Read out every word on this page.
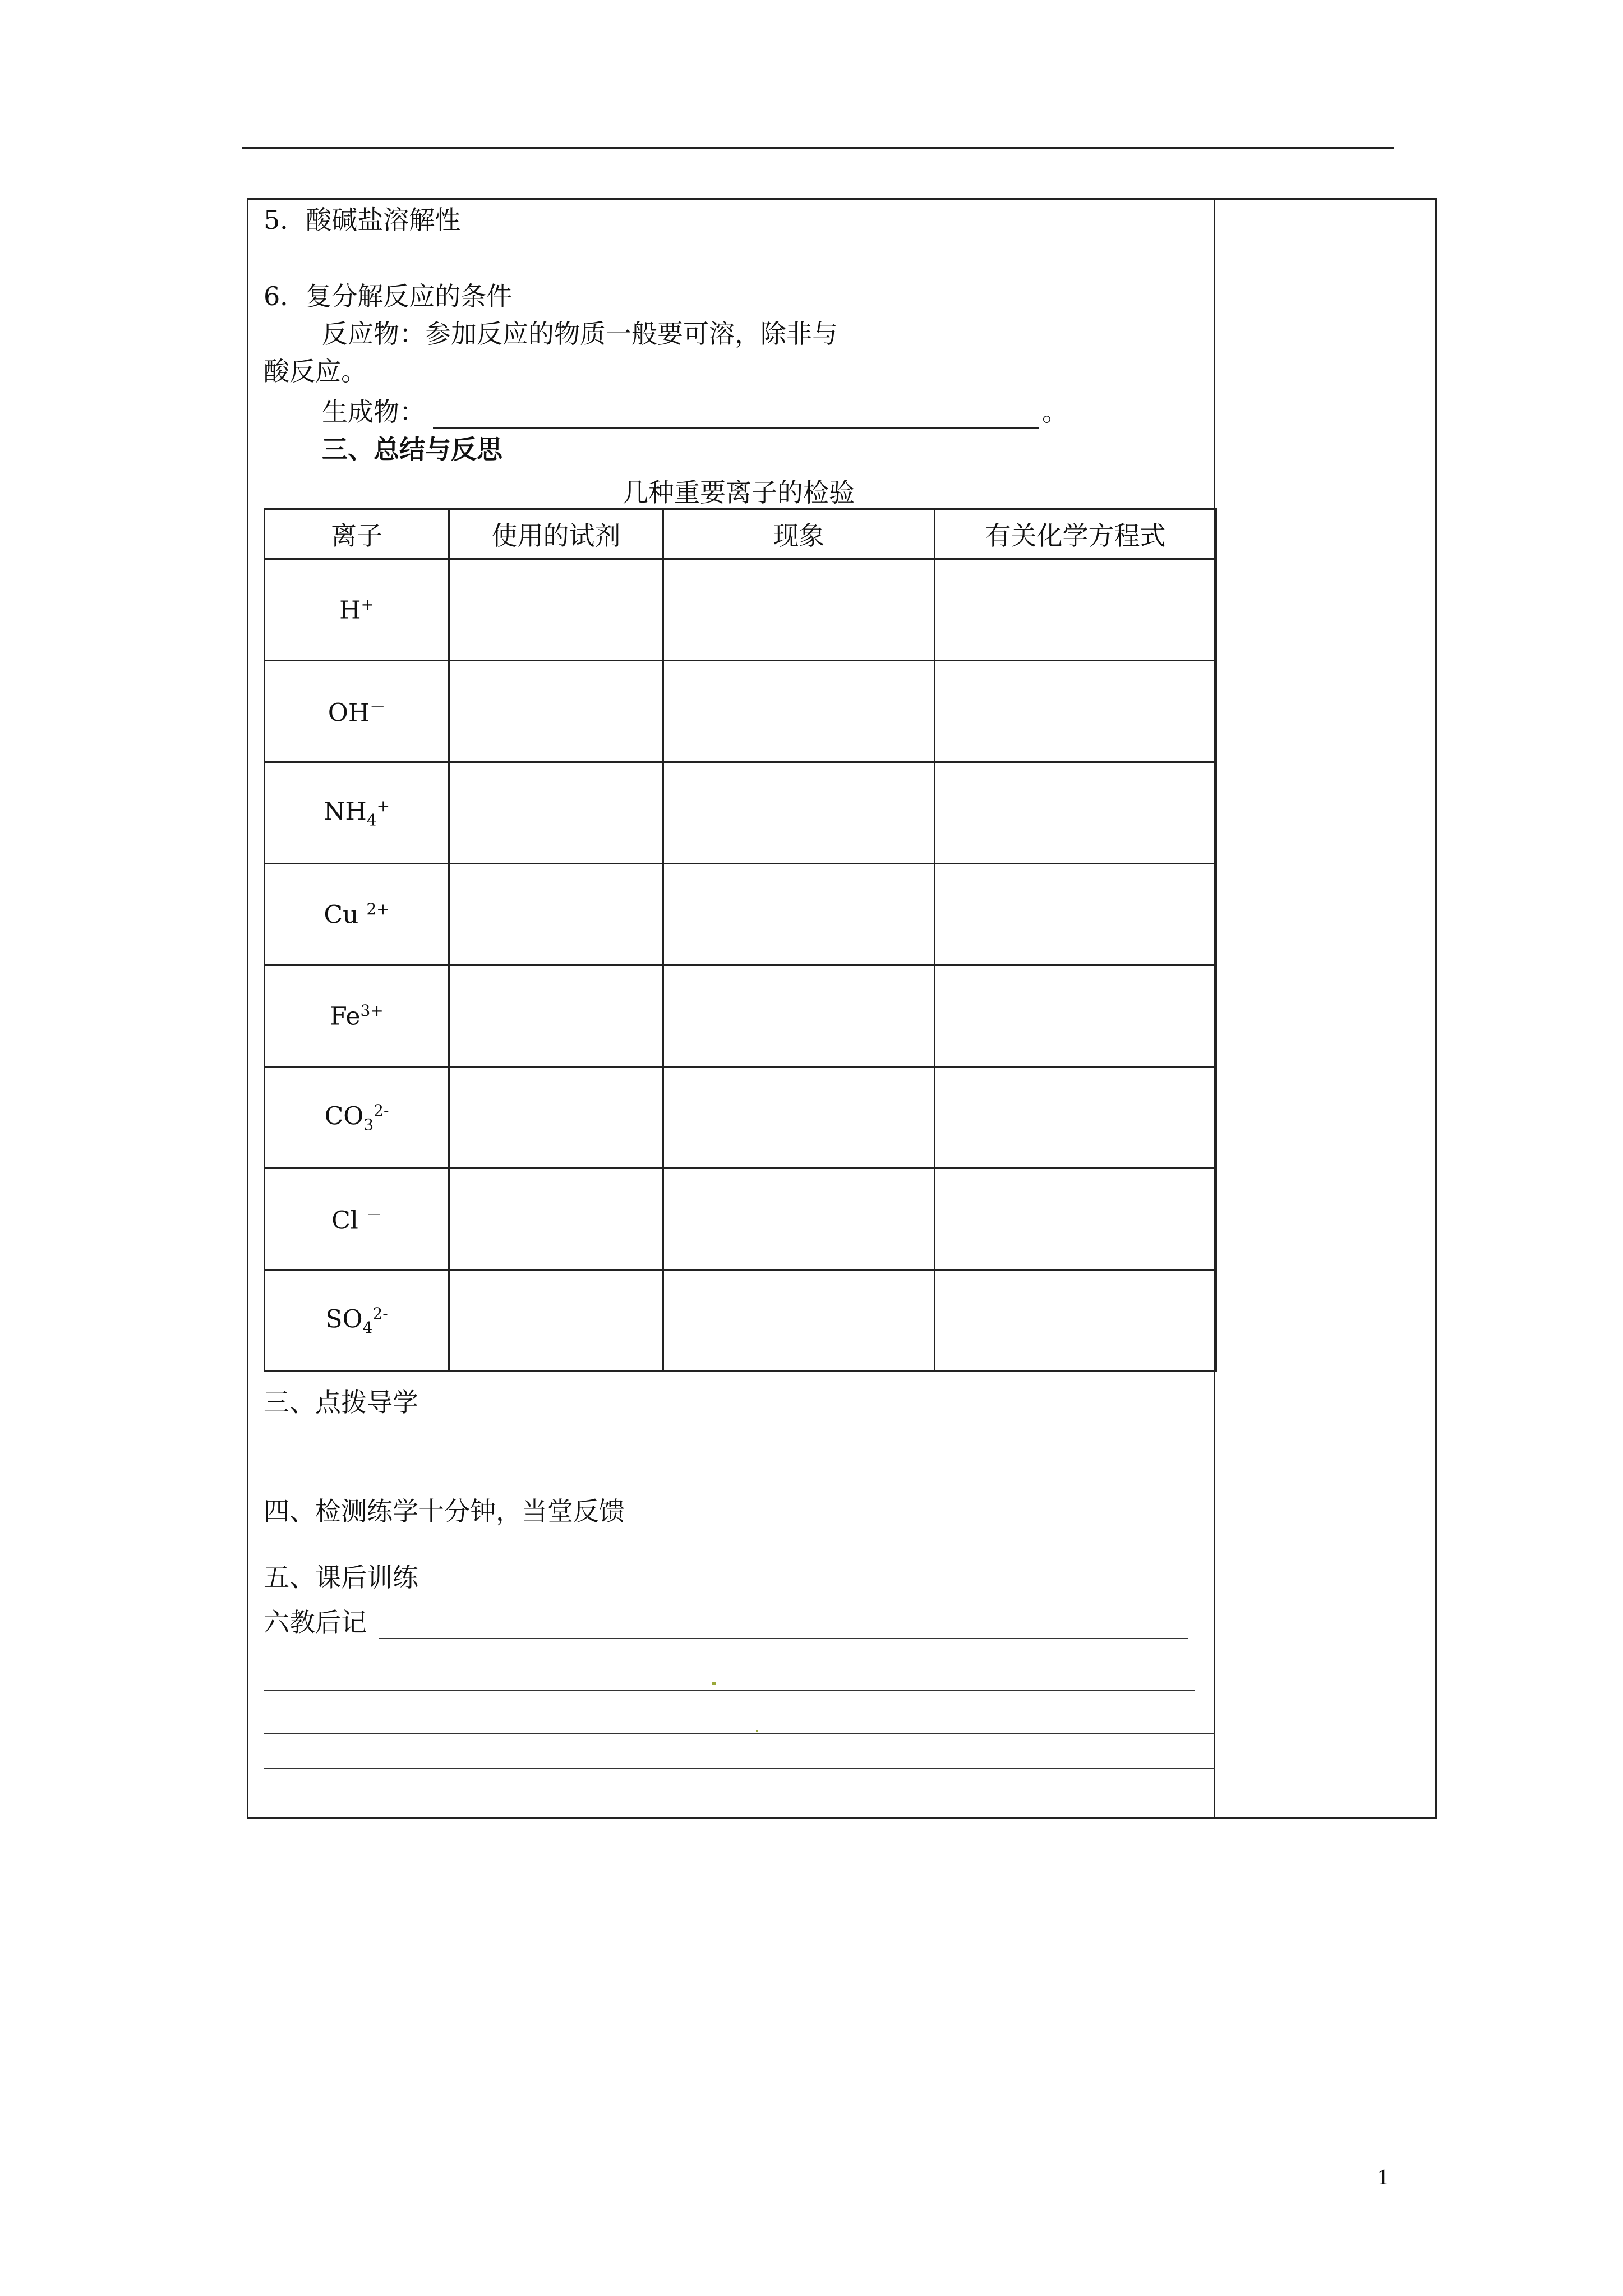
5．酸碱盐溶解性
6．复分解反应的条件
反应物：参加反应的物质一般要可溶，除非与
酸反应。
生成物：	。
三、总结与反思
几种重要离子的检验
离子	使用的试剂	现象	有关化学方程式
H+			
OH－			
$NH_4^+$			
Cu $^{2+}$			
$Fe^{3+}$			
$CO_3^{2-}$			
Cl －			
$SO_4^{2-}$			
三、点拨导学
四、检测练学十分钟，当堂反馈
五、课后训练
六教后记
1
